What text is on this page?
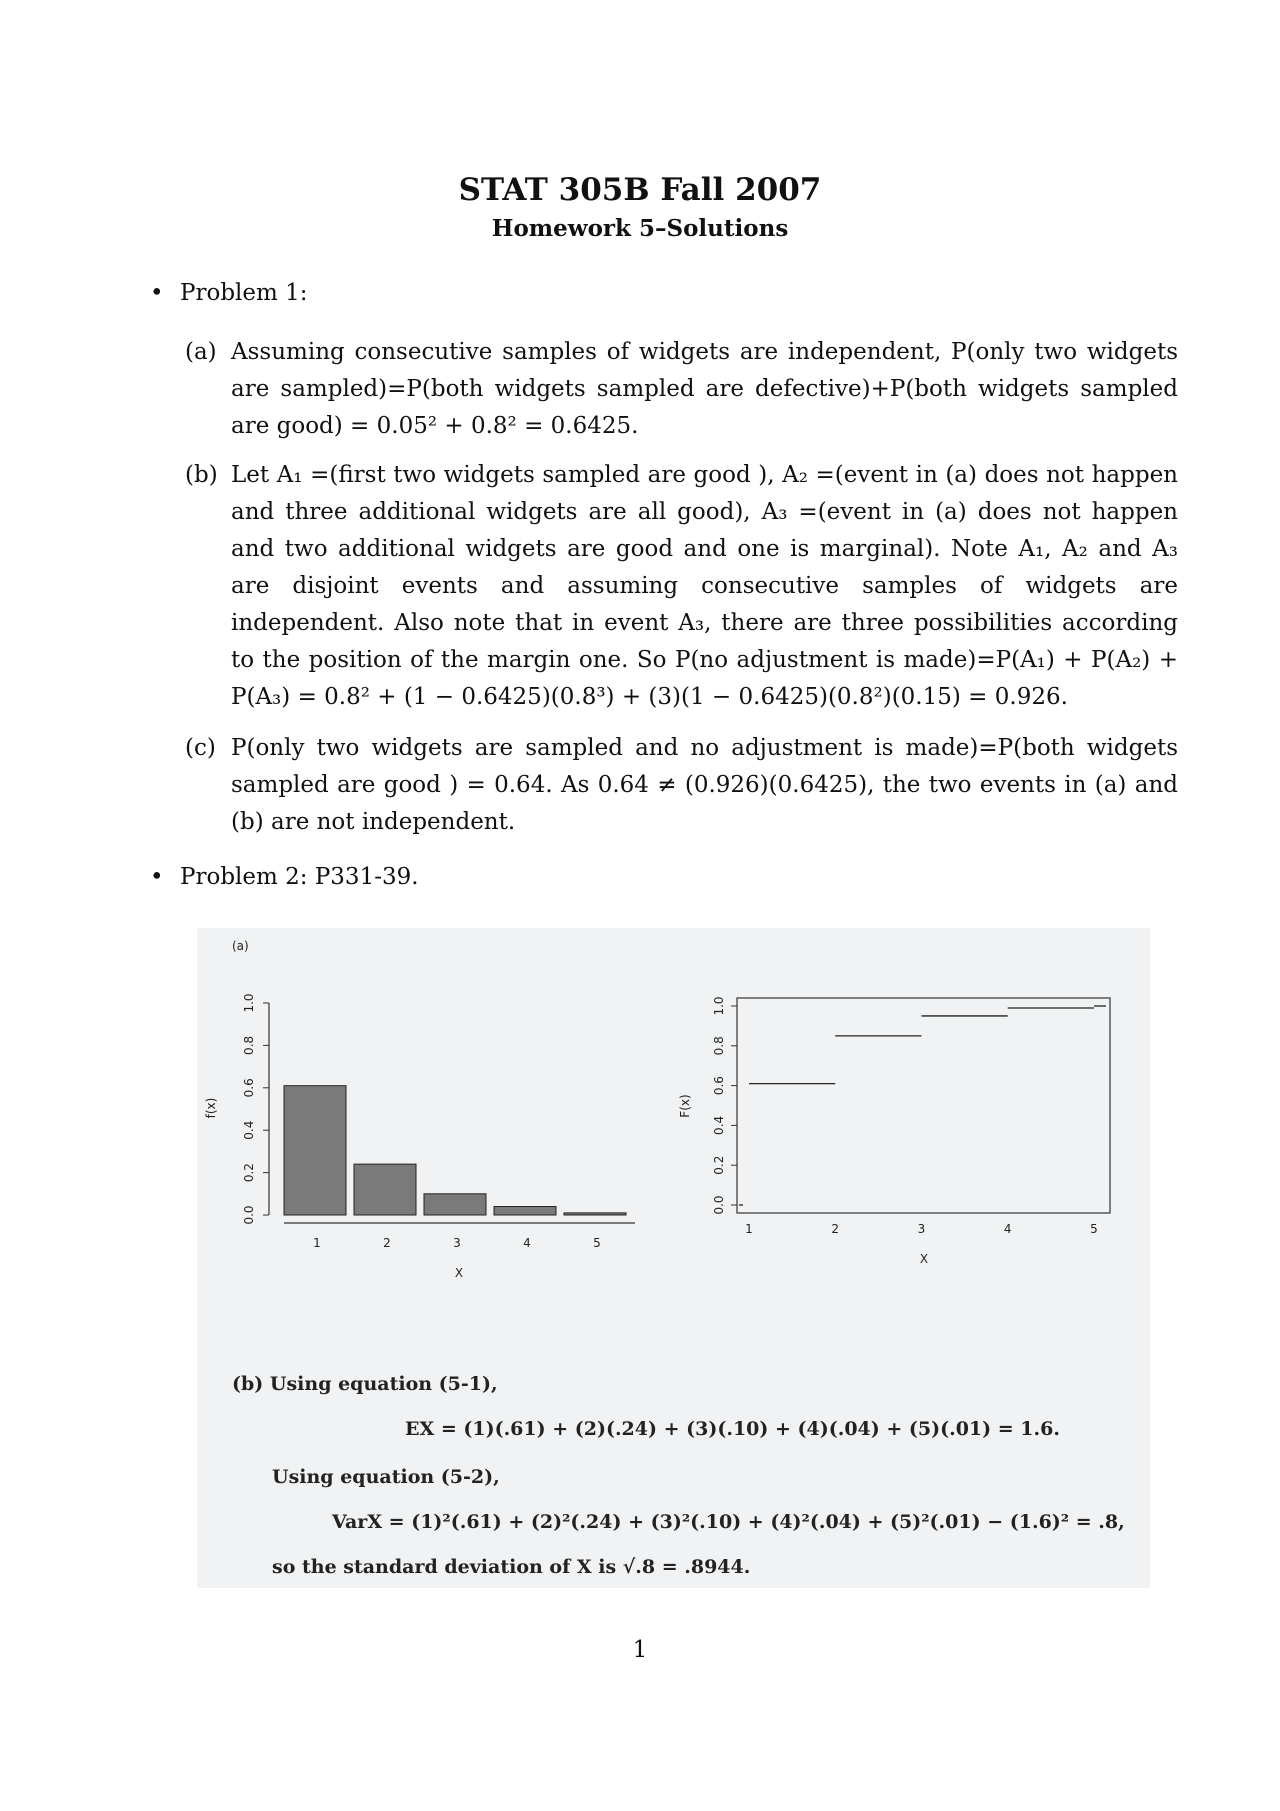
STAT 305B Fall 2007
Homework 5–Solutions
• Problem 1:
(a) Assuming consecutive samples of widgets are independent, P(only two widgets are sampled)=P(both widgets sampled are defective)+P(both widgets sampled are good) = 0.05² + 0.8² = 0.6425.
(b) Let A₁ =(first two widgets sampled are good ), A₂ =(event in (a) does not happen and three additional widgets are all good), A₃ =(event in (a) does not happen and two additional widgets are good and one is marginal). Note A₁, A₂ and A₃ are disjoint events and assuming consecutive samples of widgets are independent. Also note that in event A₃, there are three possibilities according to the position of the margin one. So P(no adjustment is made)=P(A₁) + P(A₂) + P(A₃) = 0.8² + (1 − 0.6425)(0.8³) + (3)(1 − 0.6425)(0.8²)(0.15) = 0.926.
(c) P(only two widgets are sampled and no adjustment is made)=P(both widgets sampled are good ) = 0.64. As 0.64 ≠ (0.926)(0.6425), the two events in (a) and (b) are not independent.
• Problem 2: P331-39.
(a)
0.0
0.2
0.4
0.6
0.8
1.0
f(x)
1	2	3	4	5
X
0.0
0.2
0.4
0.6
0.8
1.0
F(x)
1	2	3	4	5
X
(b) Using equation (5-1),
EX = (1)(.61) + (2)(.24) + (3)(.10) + (4)(.04) + (5)(.01) = 1.6.
Using equation (5-2),
VarX = (1)²(.61) + (2)²(.24) + (3)²(.10) + (4)²(.04) + (5)²(.01) − (1.6)² = .8,
so the standard deviation of X is √.8 = .8944.
1
